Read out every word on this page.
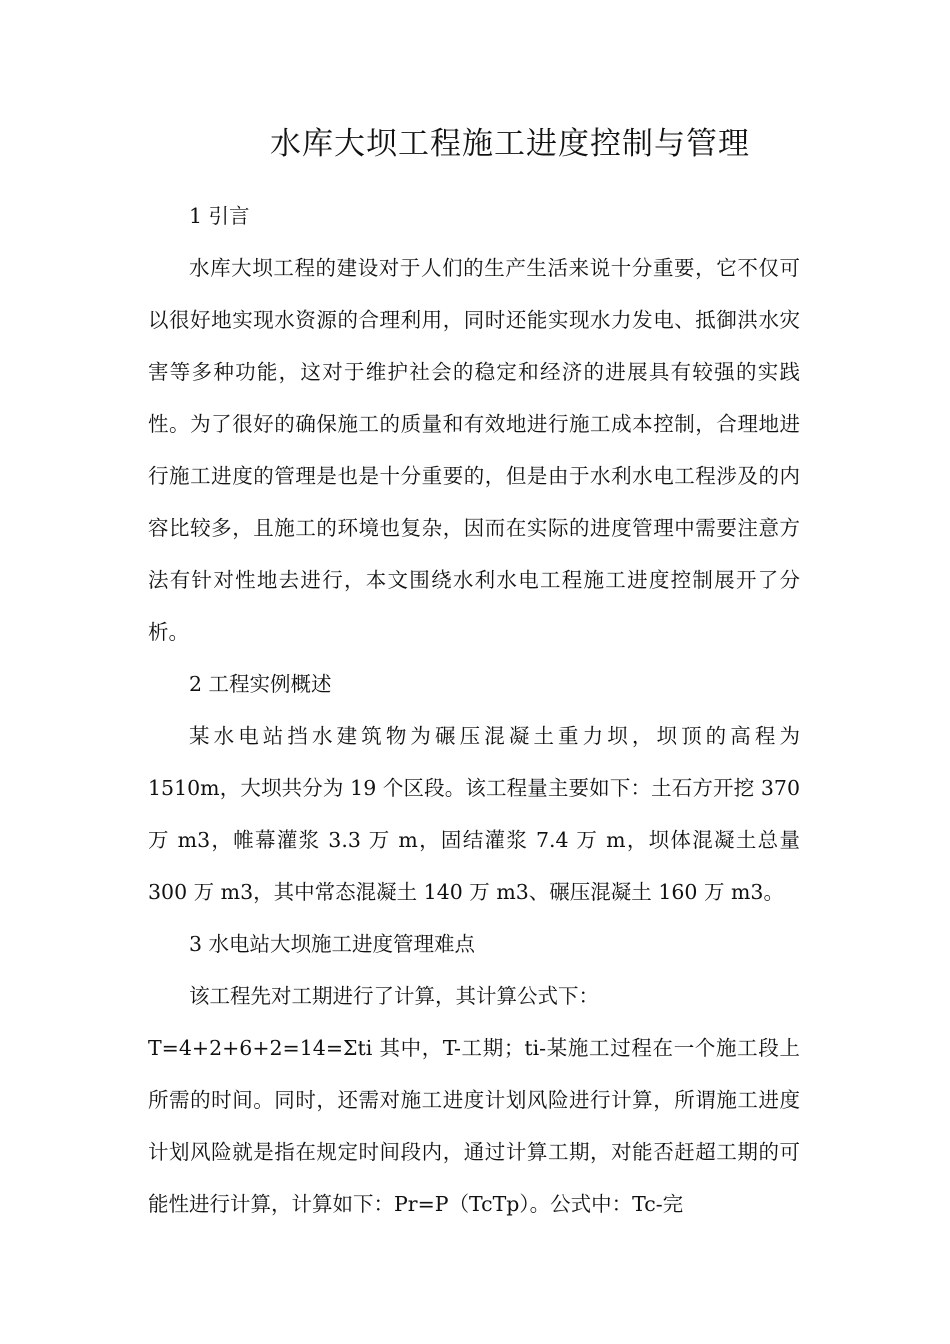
水库大坝工程施工进度控制与管理

1 引言

水库大坝工程的建设对于人们的生产生活来说十分重要，它不仅可以很好地实现水资源的合理利用，同时还能实现水力发电、抵御洪水灾害等多种功能，这对于维护社会的稳定和经济的进展具有较强的实践性。为了很好的确保施工的质量和有效地进行施工成本控制，合理地进行施工进度的管理是也是十分重要的，但是由于水利水电工程涉及的内容比较多，且施工的环境也复杂，因而在实际的进度管理中需要注意方法有针对性地去进行，本文围绕水利水电工程施工进度控制展开了分析。

2 工程实例概述

某水电站挡水建筑物为碾压混凝土重力坝，坝顶的高程为 1510m，大坝共分为 19 个区段。该工程量主要如下：土石方开挖 370 万 m3，帷幕灌浆 3.3 万 m，固结灌浆 7.4 万 m，坝体混凝土总量 300 万 m3，其中常态混凝土 140 万 m3、碾压混凝土 160 万 m3。

3 水电站大坝施工进度管理难点

该工程先对工期进行了计算，其计算公式下：

T=4+2+6+2=14=Σti 其中，T-工期；ti-某施工过程在一个施工段上所需的时间。同时，还需对施工进度计划风险进行计算，所谓施工进度计划风险就是指在规定时间段内，通过计算工期，对能否赶超工期的可能性进行计算，计算如下：Pr=P（TcTp）。公式中：Tc-完
